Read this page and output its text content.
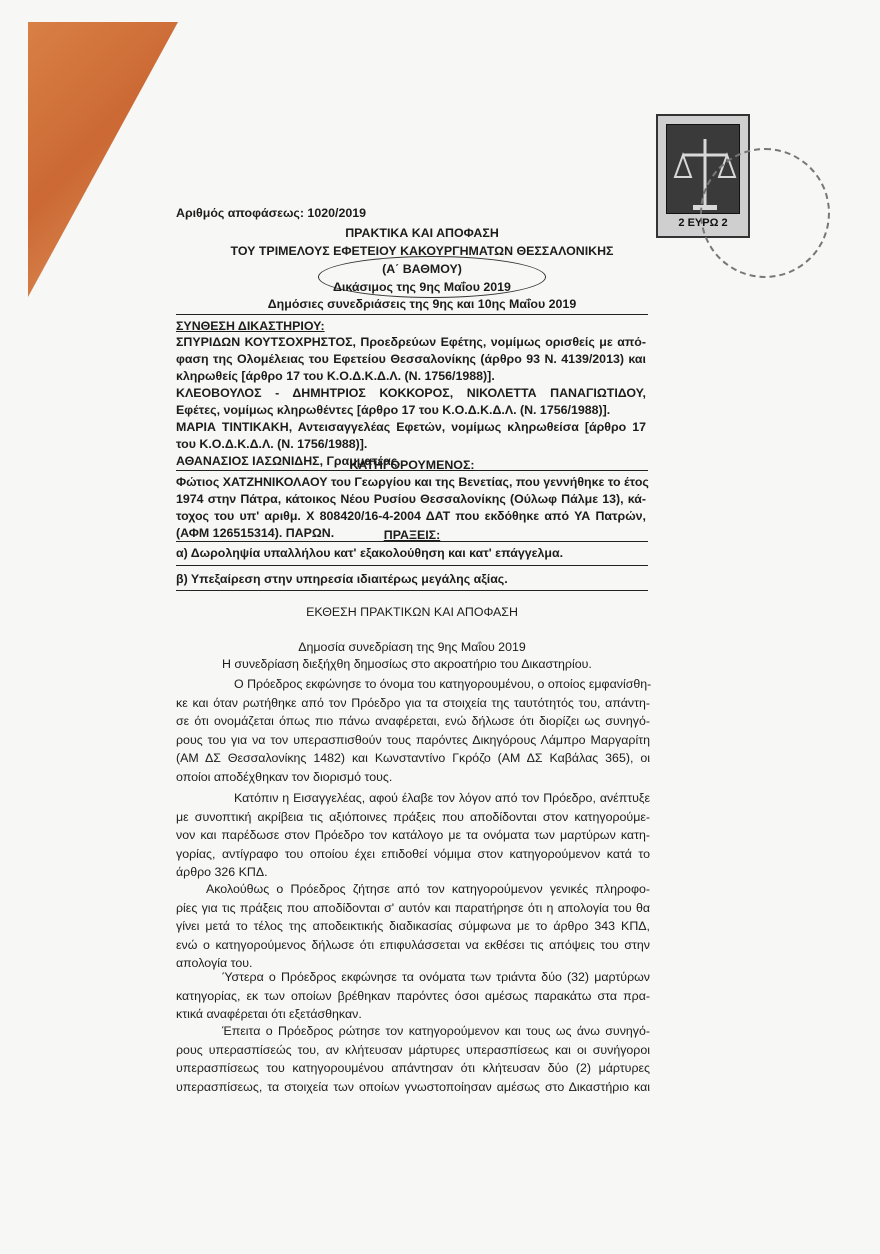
2 ΕΥΡΩ 2
Αριθμός αποφάσεως: 1020/2019
ΠΡΑΚΤΙΚΑ ΚΑΙ ΑΠΟΦΑΣΗ
ΤΟΥ ΤΡΙΜΕΛΟΥΣ ΕΦΕΤΕΙΟΥ ΚΑΚΟΥΡΓΗΜΑΤΩΝ ΘΕΣΣΑΛΟΝΙΚΗΣ
(Α΄ ΒΑΘΜΟΥ)
Δικάσιμος της 9ης Μαΐου 2019
Δημόσιες συνεδριάσεις της 9ης και 10ης Μαΐου 2019
ΣΥΝΘΕΣΗ ΔΙΚΑΣΤΗΡΙΟΥ:
ΣΠΥΡΙΔΩΝ ΚΟΥΤΣΟΧΡΗΣΤΟΣ, Προεδρεύων Εφέτης, νομίμως ορισθείς με από-
φαση της Ολομέλειας του Εφετείου Θεσσαλονίκης (άρθρο 93 Ν. 4139/2013) και
κληρωθείς [άρθρο 17 του Κ.Ο.Δ.Κ.Δ.Λ. (Ν. 1756/1988)].
ΚΛΕΟΒΟΥΛΟΣ - ΔΗΜΗΤΡΙΟΣ ΚΟΚΚΟΡΟΣ, ΝΙΚΟΛΕΤΤΑ ΠΑΝΑΓΙΩΤΙΔΟΥ,
Εφέτες, νομίμως κληρωθέντες [άρθρο 17 του Κ.Ο.Δ.Κ.Δ.Λ. (Ν. 1756/1988)].
ΜΑΡΙΑ ΤΙΝΤΙΚΑΚΗ, Αντεισαγγελέας Εφετών, νομίμως κληρωθείσα [άρθρο 17
του Κ.Ο.Δ.Κ.Δ.Λ. (Ν. 1756/1988)].
ΑΘΑΝΑΣΙΟΣ ΙΑΣΩΝΙΔΗΣ, Γραμματέας.
ΚΑΤΗΓΟΡΟΥΜΕΝΟΣ:
Φώτιος ΧΑΤΖΗΝΙΚΟΛΑΟΥ του Γεωργίου και της Βενετίας, που γεννήθηκε το έτος
1974 στην Πάτρα, κάτοικος Νέου Ρυσίου Θεσσαλονίκης (Ούλωφ Πάλμε 13), κά-
τοχος του υπ' αριθμ. Χ 808420/16-4-2004 ΔΑΤ που εκδόθηκε από ΥΑ Πατρών,
(ΑΦΜ 126515314). ΠΑΡΩΝ.	ΠΡΑΞΕΙΣ:
α) Δωροληψία υπαλλήλου κατ' εξακολούθηση και κατ' επάγγελμα.
β) Υπεξαίρεση στην υπηρεσία ιδιαιτέρως μεγάλης αξίας.
ΕΚΘΕΣΗ ΠΡΑΚΤΙΚΩΝ ΚΑΙ ΑΠΟΦΑΣΗ
Δημοσία συνεδρίαση της 9ης Μαΐου 2019
Η συνεδρίαση διεξήχθη δημοσίως στο ακροατήριο του Δικαστηρίου.
Ο Πρόεδρος εκφώνησε το όνομα του κατηγορουμένου, ο οποίος εμφανίσθη-
κε και όταν ρωτήθηκε από τον Πρόεδρο για τα στοιχεία της ταυτότητός του, απάντη-
σε ότι ονομάζεται όπως πιο πάνω αναφέρεται, ενώ δήλωσε ότι διορίζει ως συνηγό-
ρους του για να τον υπερασπισθούν τους παρόντες Δικηγόρους Λάμπρο Μαργαρίτη
(ΑΜ ΔΣ Θεσσαλονίκης 1482) και Κωνσταντίνο Γκρόζο (ΑΜ ΔΣ Καβάλας 365), οι
οποίοι αποδέχθηκαν τον διορισμό τους.
Κατόπιν η Εισαγγελέας, αφού έλαβε τον λόγον από τον Πρόεδρο, ανέπτυξε
με συνοπτική ακρίβεια τις αξιόποινες πράξεις που αποδίδονται στον κατηγορούμε-
νον και παρέδωσε στον Πρόεδρο τον κατάλογο με τα ονόματα των μαρτύρων κατη-
γορίας, αντίγραφο του οποίου έχει επιδοθεί νόμιμα στον κατηγορούμενον κατά το
άρθρο 326 ΚΠΔ.
Ακολούθως ο Πρόεδρος ζήτησε από τον κατηγορούμενον γενικές πληροφο-
ρίες για τις πράξεις που αποδίδονται σ' αυτόν και παρατήρησε ότι η απολογία του θα
γίνει μετά το τέλος της αποδεικτικής διαδικασίας σύμφωνα με το άρθρο 343 ΚΠΔ,
ενώ ο κατηγορούμενος δήλωσε ότι επιφυλάσσεται να εκθέσει τις απόψεις του στην
απολογία του.
Ύστερα ο Πρόεδρος εκφώνησε τα ονόματα των τριάντα δύο (32) μαρτύρων
κατηγορίας, εκ των οποίων βρέθηκαν παρόντες όσοι αμέσως παρακάτω στα πρα-
κτικά αναφέρεται ότι εξετάσθηκαν.
Έπειτα ο Πρόεδρος ρώτησε τον κατηγορούμενον και τους ως άνω συνηγό-
ρους υπερασπίσεώς του, αν κλήτευσαν μάρτυρες υπερασπίσεως και οι συνήγοροι
υπερασπίσεως του κατηγορουμένου απάντησαν ότι κλήτευσαν δύο (2) μάρτυρες
υπερασπίσεως, τα στοιχεία των οποίων γνωστοποίησαν αμέσως στο Δικαστήριο και
